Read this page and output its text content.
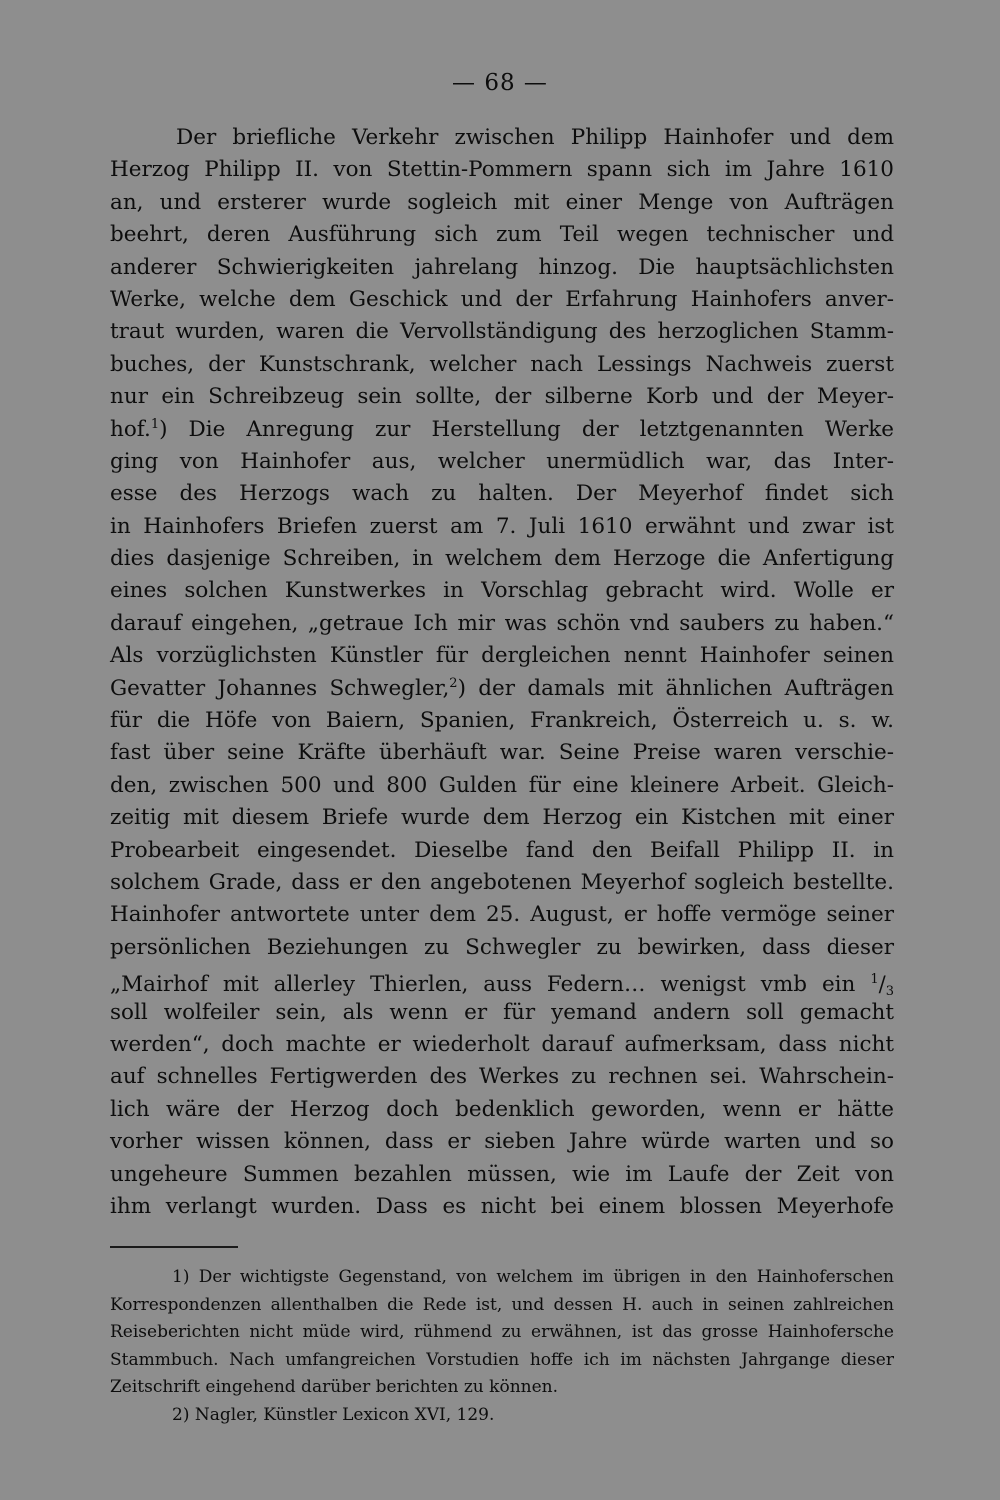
— 68 —
Der briefliche Verkehr zwischen Philipp Hainhofer und dem
Herzog Philipp II. von Stettin-Pommern spann sich im Jahre 1610
an, und ersterer wurde sogleich mit einer Menge von Aufträgen
beehrt, deren Ausführung sich zum Teil wegen technischer und
anderer Schwierigkeiten jahrelang hinzog. Die hauptsächlichsten
Werke, welche dem Geschick und der Erfahrung Hainhofers anver-
traut wurden, waren die Vervollständigung des herzoglichen Stamm-
buches, der Kunstschrank, welcher nach Lessings Nachweis zuerst
nur ein Schreibzeug sein sollte, der silberne Korb und der Meyer-
hof.$^1$) Die Anregung zur Herstellung der letztgenannten Werke
ging von Hainhofer aus, welcher unermüdlich war, das Inter-
esse des Herzogs wach zu halten. Der Meyerhof findet sich
in Hainhofers Briefen zuerst am 7. Juli 1610 erwähnt und zwar ist
dies dasjenige Schreiben, in welchem dem Herzoge die Anfertigung
eines solchen Kunstwerkes in Vorschlag gebracht wird. Wolle er
darauf eingehen, „getraue Ich mir was schön vnd saubers zu haben.“
Als vorzüglichsten Künstler für dergleichen nennt Hainhofer seinen
Gevatter Johannes Schwegler,$^2$) der damals mit ähnlichen Aufträgen
für die Höfe von Baiern, Spanien, Frankreich, Österreich u. s. w.
fast über seine Kräfte überhäuft war. Seine Preise waren verschie-
den, zwischen 500 und 800 Gulden für eine kleinere Arbeit. Gleich-
zeitig mit diesem Briefe wurde dem Herzog ein Kistchen mit einer
Probearbeit eingesendet. Dieselbe fand den Beifall Philipp II. in
solchem Grade, dass er den angebotenen Meyerhof sogleich bestellte.
Hainhofer antwortete unter dem 25. August, er hoffe vermöge seiner
persönlichen Beziehungen zu Schwegler zu bewirken, dass dieser
„Mairhof mit allerley Thierlen, auss Federn… wenigst vmb ein $^1$/3
soll wolfeiler sein, als wenn er für yemand andern soll gemacht
werden“, doch machte er wiederholt darauf aufmerksam, dass nicht
auf schnelles Fertigwerden des Werkes zu rechnen sei. Wahrschein-
lich wäre der Herzog doch bedenklich geworden, wenn er hätte
vorher wissen können, dass er sieben Jahre würde warten und so
ungeheure Summen bezahlen müssen, wie im Laufe der Zeit von
ihm verlangt wurden. Dass es nicht bei einem blossen Meyerhofe
1) Der wichtigste Gegenstand, von welchem im übrigen in den Hainhoferschen
Korrespondenzen allenthalben die Rede ist, und dessen H. auch in seinen zahlreichen
Reiseberichten nicht müde wird, rühmend zu erwähnen, ist das grosse Hainhofersche
Stammbuch. Nach umfangreichen Vorstudien hoffe ich im nächsten Jahrgange dieser
Zeitschrift eingehend darüber berichten zu können.
2) Nagler, Künstler Lexicon XVI, 129.
